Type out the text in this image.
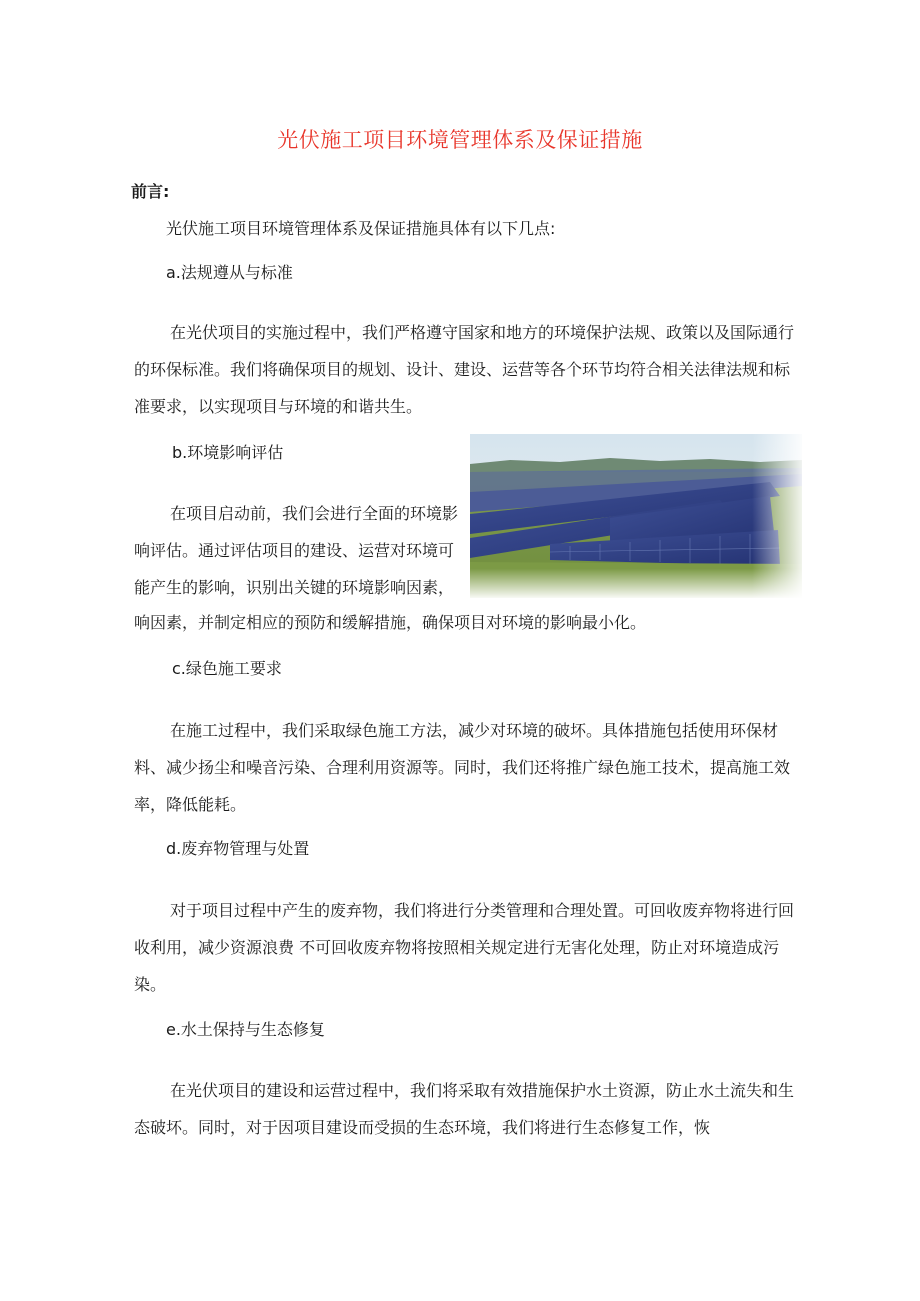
光伏施工项目环境管理体系及保证措施
前言:
光伏施工项目环境管理体系及保证措施具体有以下几点:
a.法规遵从与标准

在光伏项目的实施过程中，我们严格遵守国家和地方的环境保护法规、政策以及国际通行的环保标准。我们将确保项目的规划、设计、建设、运营等各个环节均符合相关法律法规和标准要求，以实现项目与环境的和谐共生。

b.环境影响评估

在项目启动前，我们会进行全面的环境影响评估。通过评估项目的建设、运营对环境可能产生的影响，识别出关键的环境影响因素，

响因素，并制定相应的预防和缓解措施，确保项目对环境的影响最小化。
c.绿色施工要求

在施工过程中，我们采取绿色施工方法，减少对环境的破坏。具体措施包括使用环保材料、减少扬尘和噪音污染、合理利用资源等。同时，我们还将推广绿色施工技术，提高施工效率，降低能耗。

d.废弃物管理与处置

对于项目过程中产生的废弃物，我们将进行分类管理和合理处置。可回收废弃物将进行回收利用，减少资源浪费 不可回收废弃物将按照相关规定进行无害化处理，防止对环境造成污染。

e.水土保持与生态修复

在光伏项目的建设和运营过程中，我们将采取有效措施保护水土资源，防止水土流失和生态破坏。同时，对于因项目建设而受损的生态环境，我们将进行生态修复工作，恢
